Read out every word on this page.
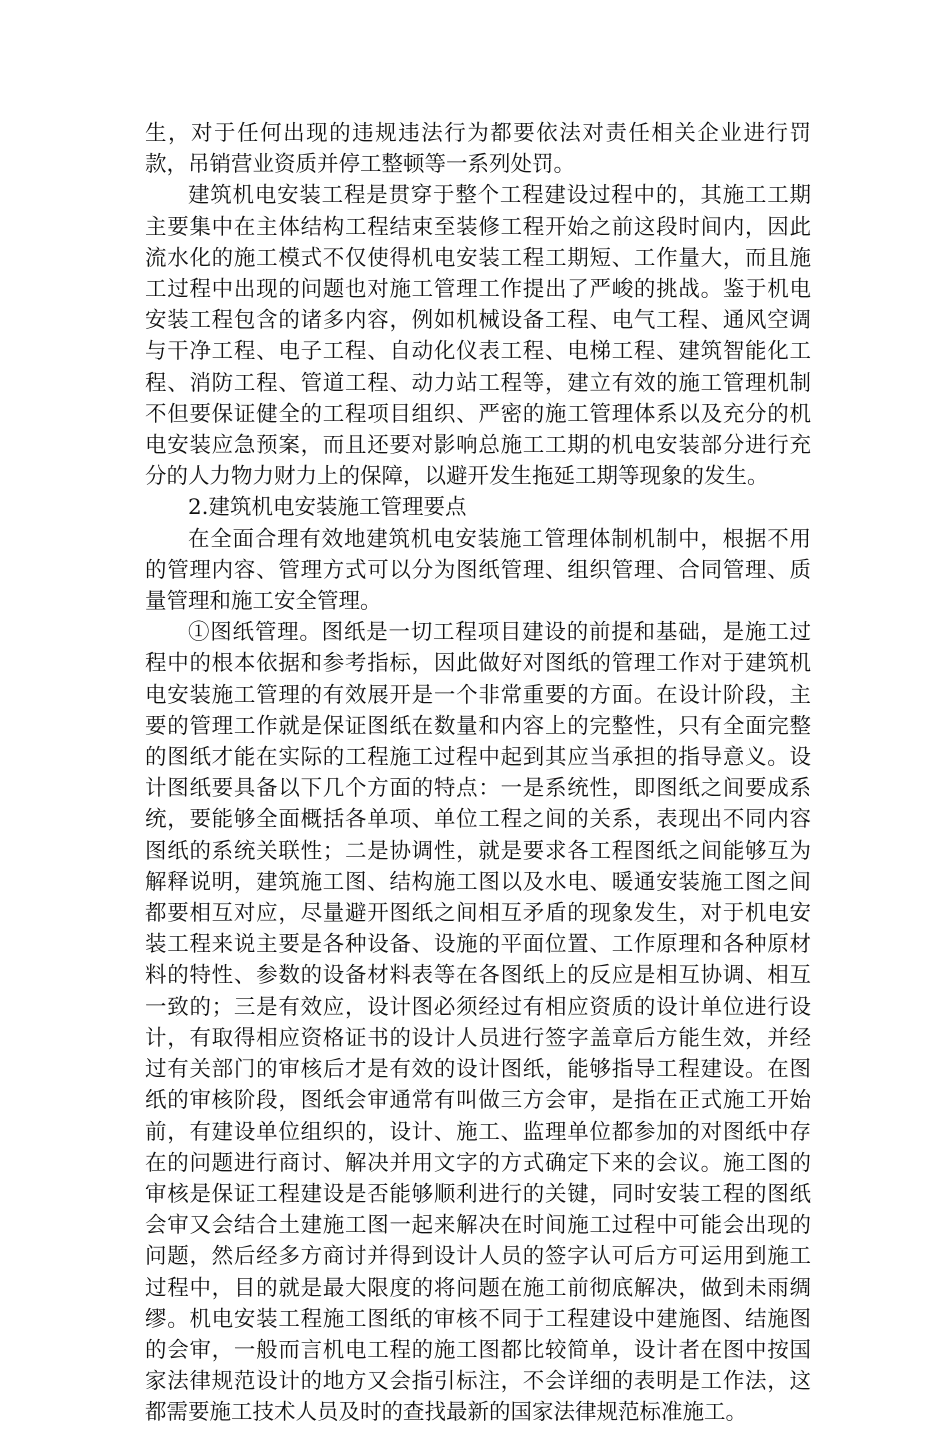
生，对于任何出现的违规违法行为都要依法对责任相关企业进行罚款，吊销营业资质并停工整顿等一系列处罚。

建筑机电安装工程是贯穿于整个工程建设过程中的，其施工工期主要集中在主体结构工程结束至装修工程开始之前这段时间内，因此流水化的施工模式不仅使得机电安装工程工期短、工作量大，而且施工过程中出现的问题也对施工管理工作提出了严峻的挑战。鉴于机电安装工程包含的诸多内容，例如机械设备工程、电气工程、通风空调与干净工程、电子工程、自动化仪表工程、电梯工程、建筑智能化工程、消防工程、管道工程、动力站工程等，建立有效的施工管理机制不但要保证健全的工程项目组织、严密的施工管理体系以及充分的机电安装应急预案，而且还要对影响总施工工期的机电安装部分进行充分的人力物力财力上的保障，以避开发生拖延工期等现象的发生。

2.建筑机电安装施工管理要点

在全面合理有效地建筑机电安装施工管理体制机制中，根据不用的管理内容、管理方式可以分为图纸管理、组织管理、合同管理、质量管理和施工安全管理。

①图纸管理。图纸是一切工程项目建设的前提和基础，是施工过程中的根本依据和参考指标，因此做好对图纸的管理工作对于建筑机电安装施工管理的有效展开是一个非常重要的方面。在设计阶段，主要的管理工作就是保证图纸在数量和内容上的完整性，只有全面完整的图纸才能在实际的工程施工过程中起到其应当承担的指导意义。设计图纸要具备以下几个方面的特点：一是系统性，即图纸之间要成系统，要能够全面概括各单项、单位工程之间的关系，表现出不同内容图纸的系统关联性；二是协调性，就是要求各工程图纸之间能够互为解释说明，建筑施工图、结构施工图以及水电、暖通安装施工图之间都要相互对应，尽量避开图纸之间相互矛盾的现象发生，对于机电安装工程来说主要是各种设备、设施的平面位置、工作原理和各种原材料的特性、参数的设备材料表等在各图纸上的反应是相互协调、相互一致的；三是有效应，设计图必须经过有相应资质的设计单位进行设计，有取得相应资格证书的设计人员进行签字盖章后方能生效，并经过有关部门的审核后才是有效的设计图纸，能够指导工程建设。在图纸的审核阶段，图纸会审通常有叫做三方会审，是指在正式施工开始前，有建设单位组织的，设计、施工、监理单位都参加的对图纸中存在的问题进行商讨、解决并用文字的方式确定下来的会议。施工图的审核是保证工程建设是否能够顺利进行的关键，同时安装工程的图纸会审又会结合土建施工图一起来解决在时间施工过程中可能会出现的问题，然后经多方商讨并得到设计人员的签字认可后方可运用到施工过程中，目的就是最大限度的将问题在施工前彻底解决，做到未雨绸缪。机电安装工程施工图纸的审核不同于工程建设中建施图、结施图的会审，一般而言机电工程的施工图都比较简单，设计者在图中按国家法律规范设计的地方又会指引标注，不会详细的表明是工作法，这都需要施工技术人员及时的查找最新的国家法律规范标准施工。
